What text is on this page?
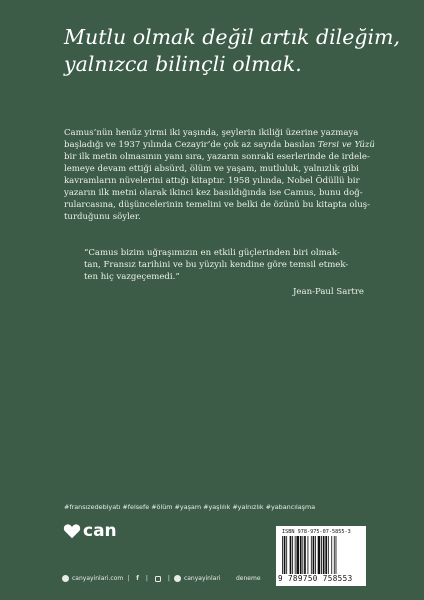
Mutlu olmak değil artık dileğim,
yalnızca bilinçli olmak.

Camus’nün henüz yirmi iki yaşında, şeylerin ikiliği üzerine yazmaya
başladığı ve 1937 yılında Cezayir’de çok az sayıda basılan Tersi ve Yüzü
bir ilk metin olmasının yanı sıra, yazarın sonraki eserlerinde de irdele-
lemeye devam ettiği absürd, ölüm ve yaşam, mutluluk, yalnızlık gibi
kavramların nüvelerini attığı kitaptır. 1958 yılında, Nobel Ödüllü bir
yazarın ilk metni olarak ikinci kez basıldığında ise Camus, bunu doğ-
rularcasına, düşüncelerinin temelini ve belki de özünü bu kitapta oluş-
turduğunu söyler.
“Camus bizim uğraşımızın en etkili güçlerinden biri olmak-
tan, Fransız tarihini ve bu yüzyılı kendine göre temsil etmek-
ten hiç vazgeçemedi.”
Jean-Paul Sartre
#fransızedebiyatı #felsefe #ölüm #yaşam #yaşlılık #yalnızlık #yabancılaşma
can
canyayinlari.com | f |	| canyayinlari	deneme
ISBN 978-975-07-5855-3
9 789750 758553
